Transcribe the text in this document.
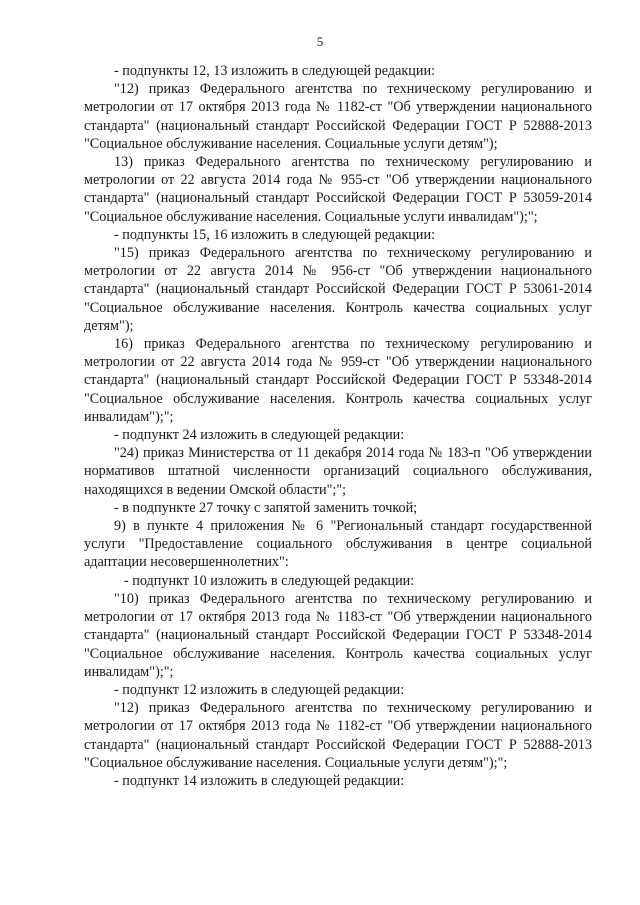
5

- подпункты 12, 13 изложить в следующей редакции:

"12) приказ Федерального агентства по техническому регулированию и метрологии от 17 октября 2013 года № 1182-ст "Об утверждении национального стандарта" (национальный стандарт Российской Федерации ГОСТ Р 52888-2013 "Социальное обслуживание населения. Социальные услуги детям");

13) приказ Федерального агентства по техническому регулированию и метрологии от 22 августа 2014 года № 955-ст "Об утверждении национального стандарта" (национальный стандарт Российской Федерации ГОСТ Р 53059-2014 "Социальное обслуживание населения. Социальные услуги инвалидам");";

- подпункты 15, 16 изложить в следующей редакции:

"15) приказ Федерального агентства по техническому регулированию и метрологии от 22 августа 2014 № 956-ст "Об утверждении национального стандарта" (национальный стандарт Российской Федерации ГОСТ Р 53061-2014 "Социальное обслуживание населения. Контроль качества социальных услуг детям");

16) приказ Федерального агентства по техническому регулированию и метрологии от 22 августа 2014 года № 959-ст "Об утверждении национального стандарта" (национальный стандарт Российской Федерации ГОСТ Р 53348-2014 "Социальное обслуживание населения. Контроль качества социальных услуг инвалидам");";

- подпункт 24 изложить в следующей редакции:

"24) приказ Министерства от 11 декабря 2014 года № 183-п "Об утверждении нормативов штатной численности организаций социального обслуживания, находящихся в ведении Омской области";";

- в подпункте 27 точку с запятой заменить точкой;

9) в пункте 4 приложения № 6 "Региональный стандарт государственной услуги "Предоставление социального обслуживания в центре социальной адаптации несовершеннолетних":

- подпункт 10 изложить в следующей редакции:

"10) приказ Федерального агентства по техническому регулированию и метрологии от 17 октября 2013 года № 1183-ст "Об утверждении национального стандарта" (национальный стандарт Российской Федерации ГОСТ Р 53348-2014 "Социальное обслуживание населения. Контроль качества социальных услуг инвалидам");";

- подпункт 12 изложить в следующей редакции:

"12) приказ Федерального агентства по техническому регулированию и метрологии от 17 октября 2013 года № 1182-ст "Об утверждении национального стандарта" (национальный стандарт Российской Федерации ГОСТ Р 52888-2013 "Социальное обслуживание населения. Социальные услуги детям");";

- подпункт 14 изложить в следующей редакции:
